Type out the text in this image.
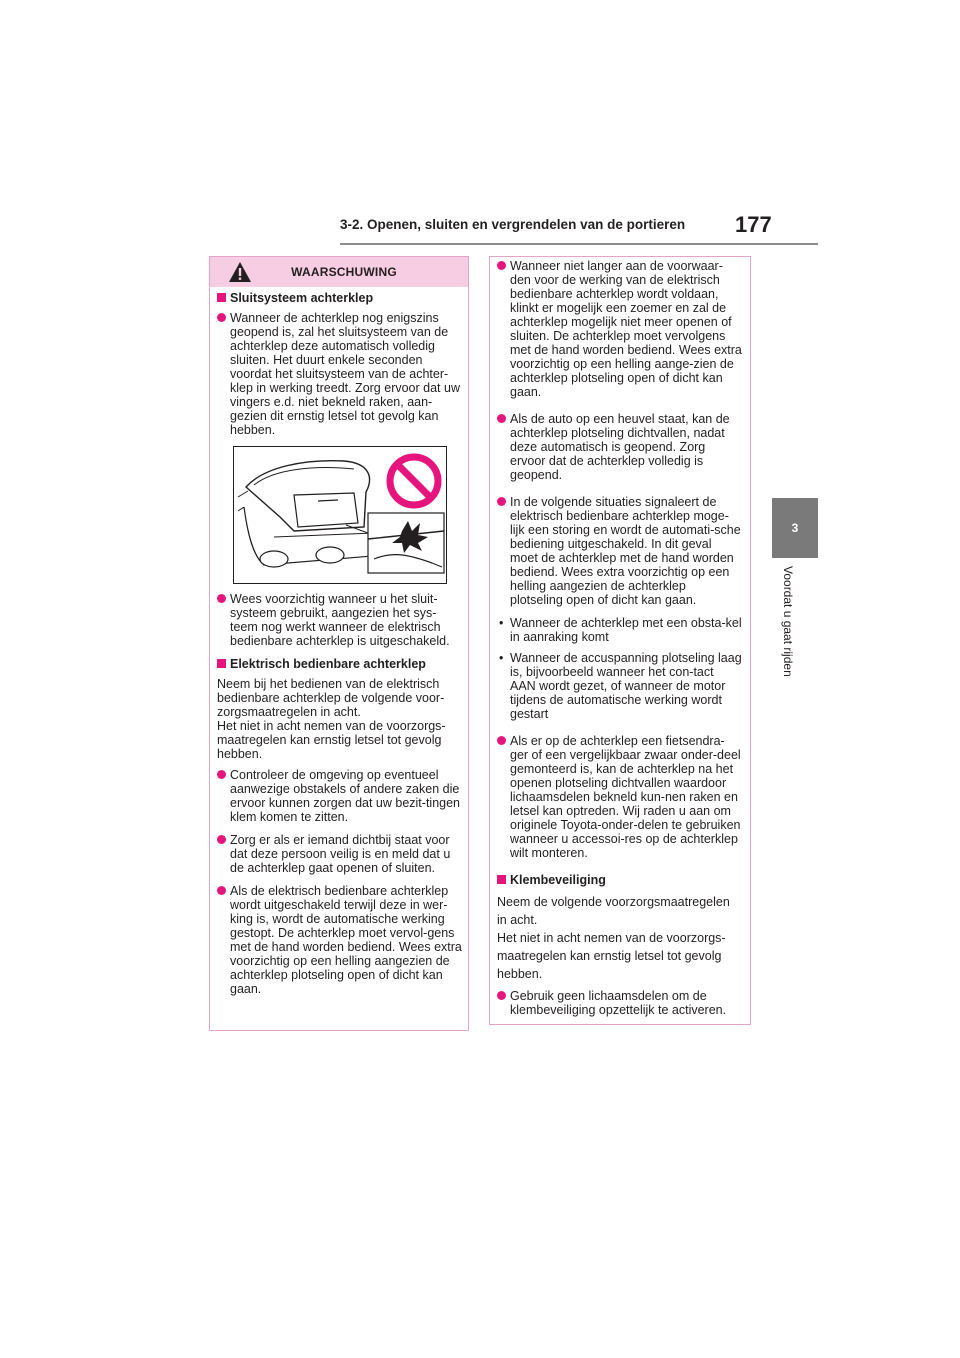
3-2. Openen, sluiten en vergrendelen van de portieren	177
3
Voordat u gaat rijden
WAARSCHUWING

Sluitsysteem achterklep

Wanneer de achterklep nog enigszins geopend is, zal het sluitsysteem van de achterklep deze automatisch volledig sluiten. Het duurt enkele seconden voordat het sluitsysteem van de achter-klep in werking treedt. Zorg ervoor dat uw vingers e.d. niet bekneld raken, aan-gezien dit ernstig letsel tot gevolg kan hebben.

Wees voorzichtig wanneer u het sluit-systeem gebruikt, aangezien het sys-teem nog werkt wanneer de elektrisch bedienbare achterklep is uitgeschakeld.

Elektrisch bedienbare achterklep

Neem bij het bedienen van de elektrisch bedienbare achterklep de volgende voor-zorgsmaatregelen in acht.

Het niet in acht nemen van de voorzorgs-maatregelen kan ernstig letsel tot gevolg hebben.

Controleer de omgeving op eventueel aanwezige obstakels of andere zaken die ervoor kunnen zorgen dat uw bezit-tingen klem komen te zitten.

Zorg er als er iemand dichtbij staat voor dat deze persoon veilig is en meld dat u de achterklep gaat openen of sluiten.

Als de elektrisch bedienbare achterklep wordt uitgeschakeld terwijl deze in wer-king is, wordt de automatische werking gestopt. De achterklep moet vervol-gens met de hand worden bediend. Wees extra voorzichtig op een helling aangezien de achterklep plotseling open of dicht kan gaan.

Wanneer niet langer aan de voorwaar-den voor de werking van de elektrisch bedienbare achterklep wordt voldaan, klinkt er mogelijk een zoemer en zal de achterklep mogelijk niet meer openen of sluiten. De achterklep moet vervolgens met de hand worden bediend. Wees extra voorzichtig op een helling aange-zien de achterklep plotseling open of dicht kan gaan.

Als de auto op een heuvel staat, kan de achterklep plotseling dichtvallen, nadat deze automatisch is geopend. Zorg ervoor dat de achterklep volledig is geopend.

In de volgende situaties signaleert de elektrisch bedienbare achterklep moge-lijk een storing en wordt de automati-sche bediening uitgeschakeld. In dit geval moet de achterklep met de hand worden bediend. Wees extra voorzichtig op een helling aangezien de achterklep plotseling open of dicht kan gaan.

• Wanneer de achterklep met een obsta-kel in aanraking komt

• Wanneer de accuspanning plotseling laag is, bijvoorbeeld wanneer het con-tact AAN wordt gezet, of wanneer de motor tijdens de automatische werking wordt gestart

Als er op de achterklep een fietsendra-ger of een vergelijkbaar zwaar onder-deel gemonteerd is, kan de achterklep na het openen plotseling dichtvallen waardoor lichaamsdelen bekneld kun-nen raken en letsel kan optreden. Wij raden u aan om originele Toyota-onder-delen te gebruiken wanneer u accessoi-res op de achterklep wilt monteren.

Klembeveiliging

Neem de volgende voorzorgsmaatregelen in acht.

Het niet in acht nemen van de voorzorgs-maatregelen kan ernstig letsel tot gevolg hebben.

Gebruik geen lichaamsdelen om de klembeveiliging opzettelijk te activeren.
